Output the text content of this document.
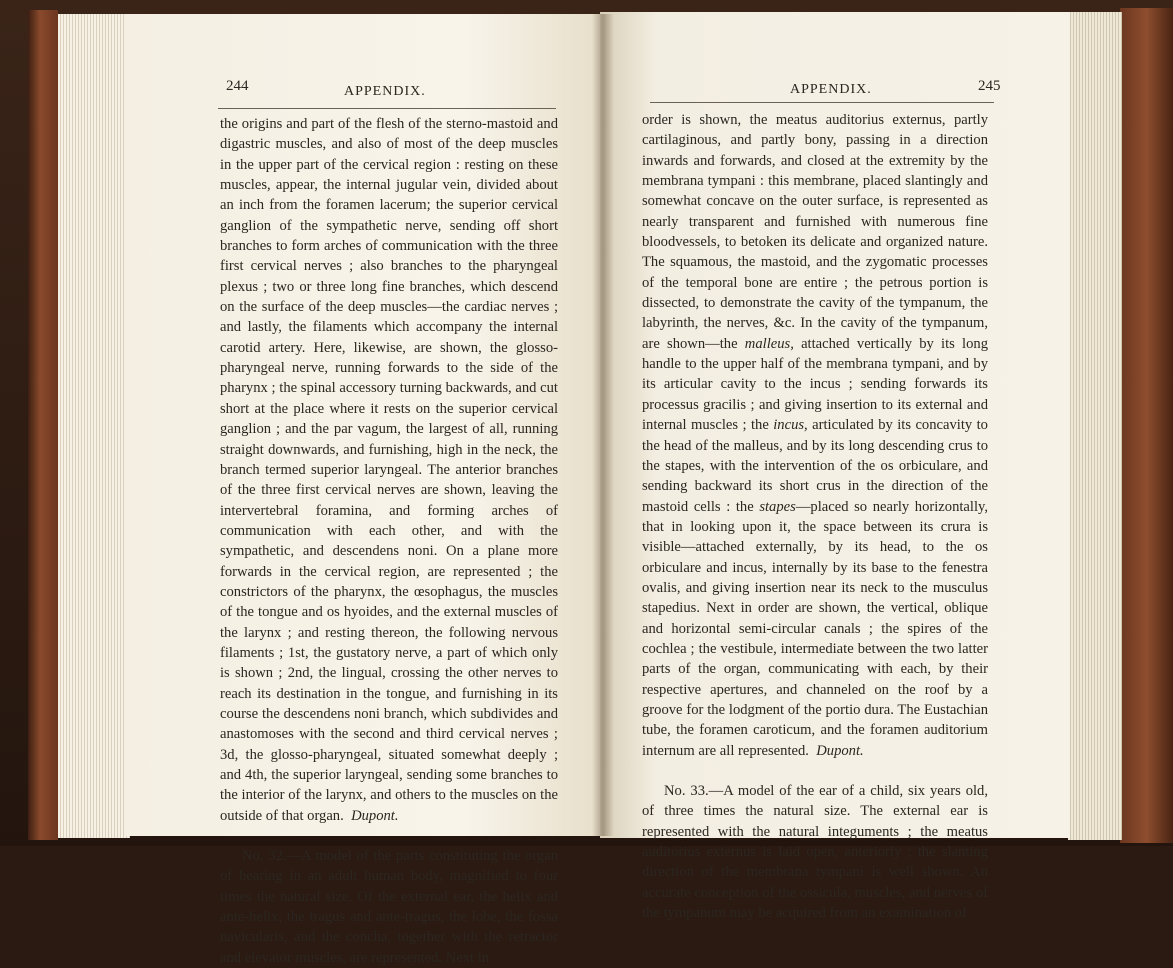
244	APPENDIX.

the origins and part of the flesh of the sterno-mastoid and digastric muscles, and also of most of the deep muscles in the upper part of the cervical region : resting on these muscles, appear, the internal jugular vein, divided about an inch from the foramen lacerum; the superior cervical ganglion of the sympathetic nerve, sending off short branches to form arches of communication with the three first cervical nerves ; also branches to the pharyngeal plexus ; two or three long fine branches, which descend on the surface of the deep muscles—the cardiac nerves ; and lastly, the filaments which accompany the internal carotid artery. Here, likewise, are shown, the glosso-pharyngeal nerve, running forwards to the side of the pharynx ; the spinal accessory turning backwards, and cut short at the place where it rests on the superior cervical ganglion ; and the par vagum, the largest of all, running straight downwards, and furnishing, high in the neck, the branch termed superior laryngeal. The anterior branches of the three first cervical nerves are shown, leaving the intervertebral foramina, and forming arches of communication with each other, and with the sympathetic, and descendens noni. On a plane more forwards in the cervical region, are represented ; the constrictors of the pharynx, the œsophagus, the muscles of the tongue and os hyoides, and the external muscles of the larynx ; and resting thereon, the following nervous filaments ; 1st, the gustatory nerve, a part of which only is shown ; 2nd, the lingual, crossing the other nerves to reach its destination in the tongue, and furnishing in its course the descendens noni branch, which subdivides and anastomoses with the second and third cervical nerves ; 3d, the glosso-pharyngeal, situated somewhat deeply ; and 4th, the superior laryngeal, sending some branches to the interior of the larynx, and others to the muscles on the outside of that organ. Dupont.

No. 32.—A model of the parts constituting the organ of hearing in an adult human body, magnified to four times the natural size. Of the external ear, the helix and ante-helix, the tragus and ante-tragus, the lobe, the fossa navicularis, and the concha, together with the retractor and elevator muscles, are represented. Next in

APPENDIX.	245

order is shown, the meatus auditorius externus, partly cartilaginous, and partly bony, passing in a direction inwards and forwards, and closed at the extremity by the membrana tympani : this membrane, placed slantingly and somewhat concave on the outer surface, is represented as nearly transparent and furnished with numerous fine bloodvessels, to betoken its delicate and organized nature. The squamous, the mastoid, and the zygomatic processes of the temporal bone are entire ; the petrous portion is dissected, to demonstrate the cavity of the tympanum, the labyrinth, the nerves, &c. In the cavity of the tympanum, are shown—the malleus, attached vertically by its long handle to the upper half of the membrana tympani, and by its articular cavity to the incus ; sending forwards its processus gracilis ; and giving insertion to its external and internal muscles ; the incus, articulated by its concavity to the head of the malleus, and by its long descending crus to the stapes, with the intervention of the os orbiculare, and sending backward its short crus in the direction of the mastoid cells : the stapes—placed so nearly horizontally, that in looking upon it, the space between its crura is visible—attached externally, by its head, to the os orbiculare and incus, internally by its base to the fenestra ovalis, and giving insertion near its neck to the musculus stapedius. Next in order are shown, the vertical, oblique and horizontal semi-circular canals ; the spires of the cochlea ; the vestibule, intermediate between the two latter parts of the organ, communicating with each, by their respective apertures, and channeled on the roof by a groove for the lodgment of the portio dura. The Eustachian tube, the foramen caroticum, and the foramen auditorium internum are all represented. Dupont.

No. 33.—A model of the ear of a child, six years old, of three times the natural size. The external ear is represented with the natural integuments ; the meatus auditorius externus is laid open, anteriorly ; the slanting direction of the membrana tympani is well shown. An accurate conception of the ossicula, muscles, and nerves of the tympanum may be acquired from an examination of
